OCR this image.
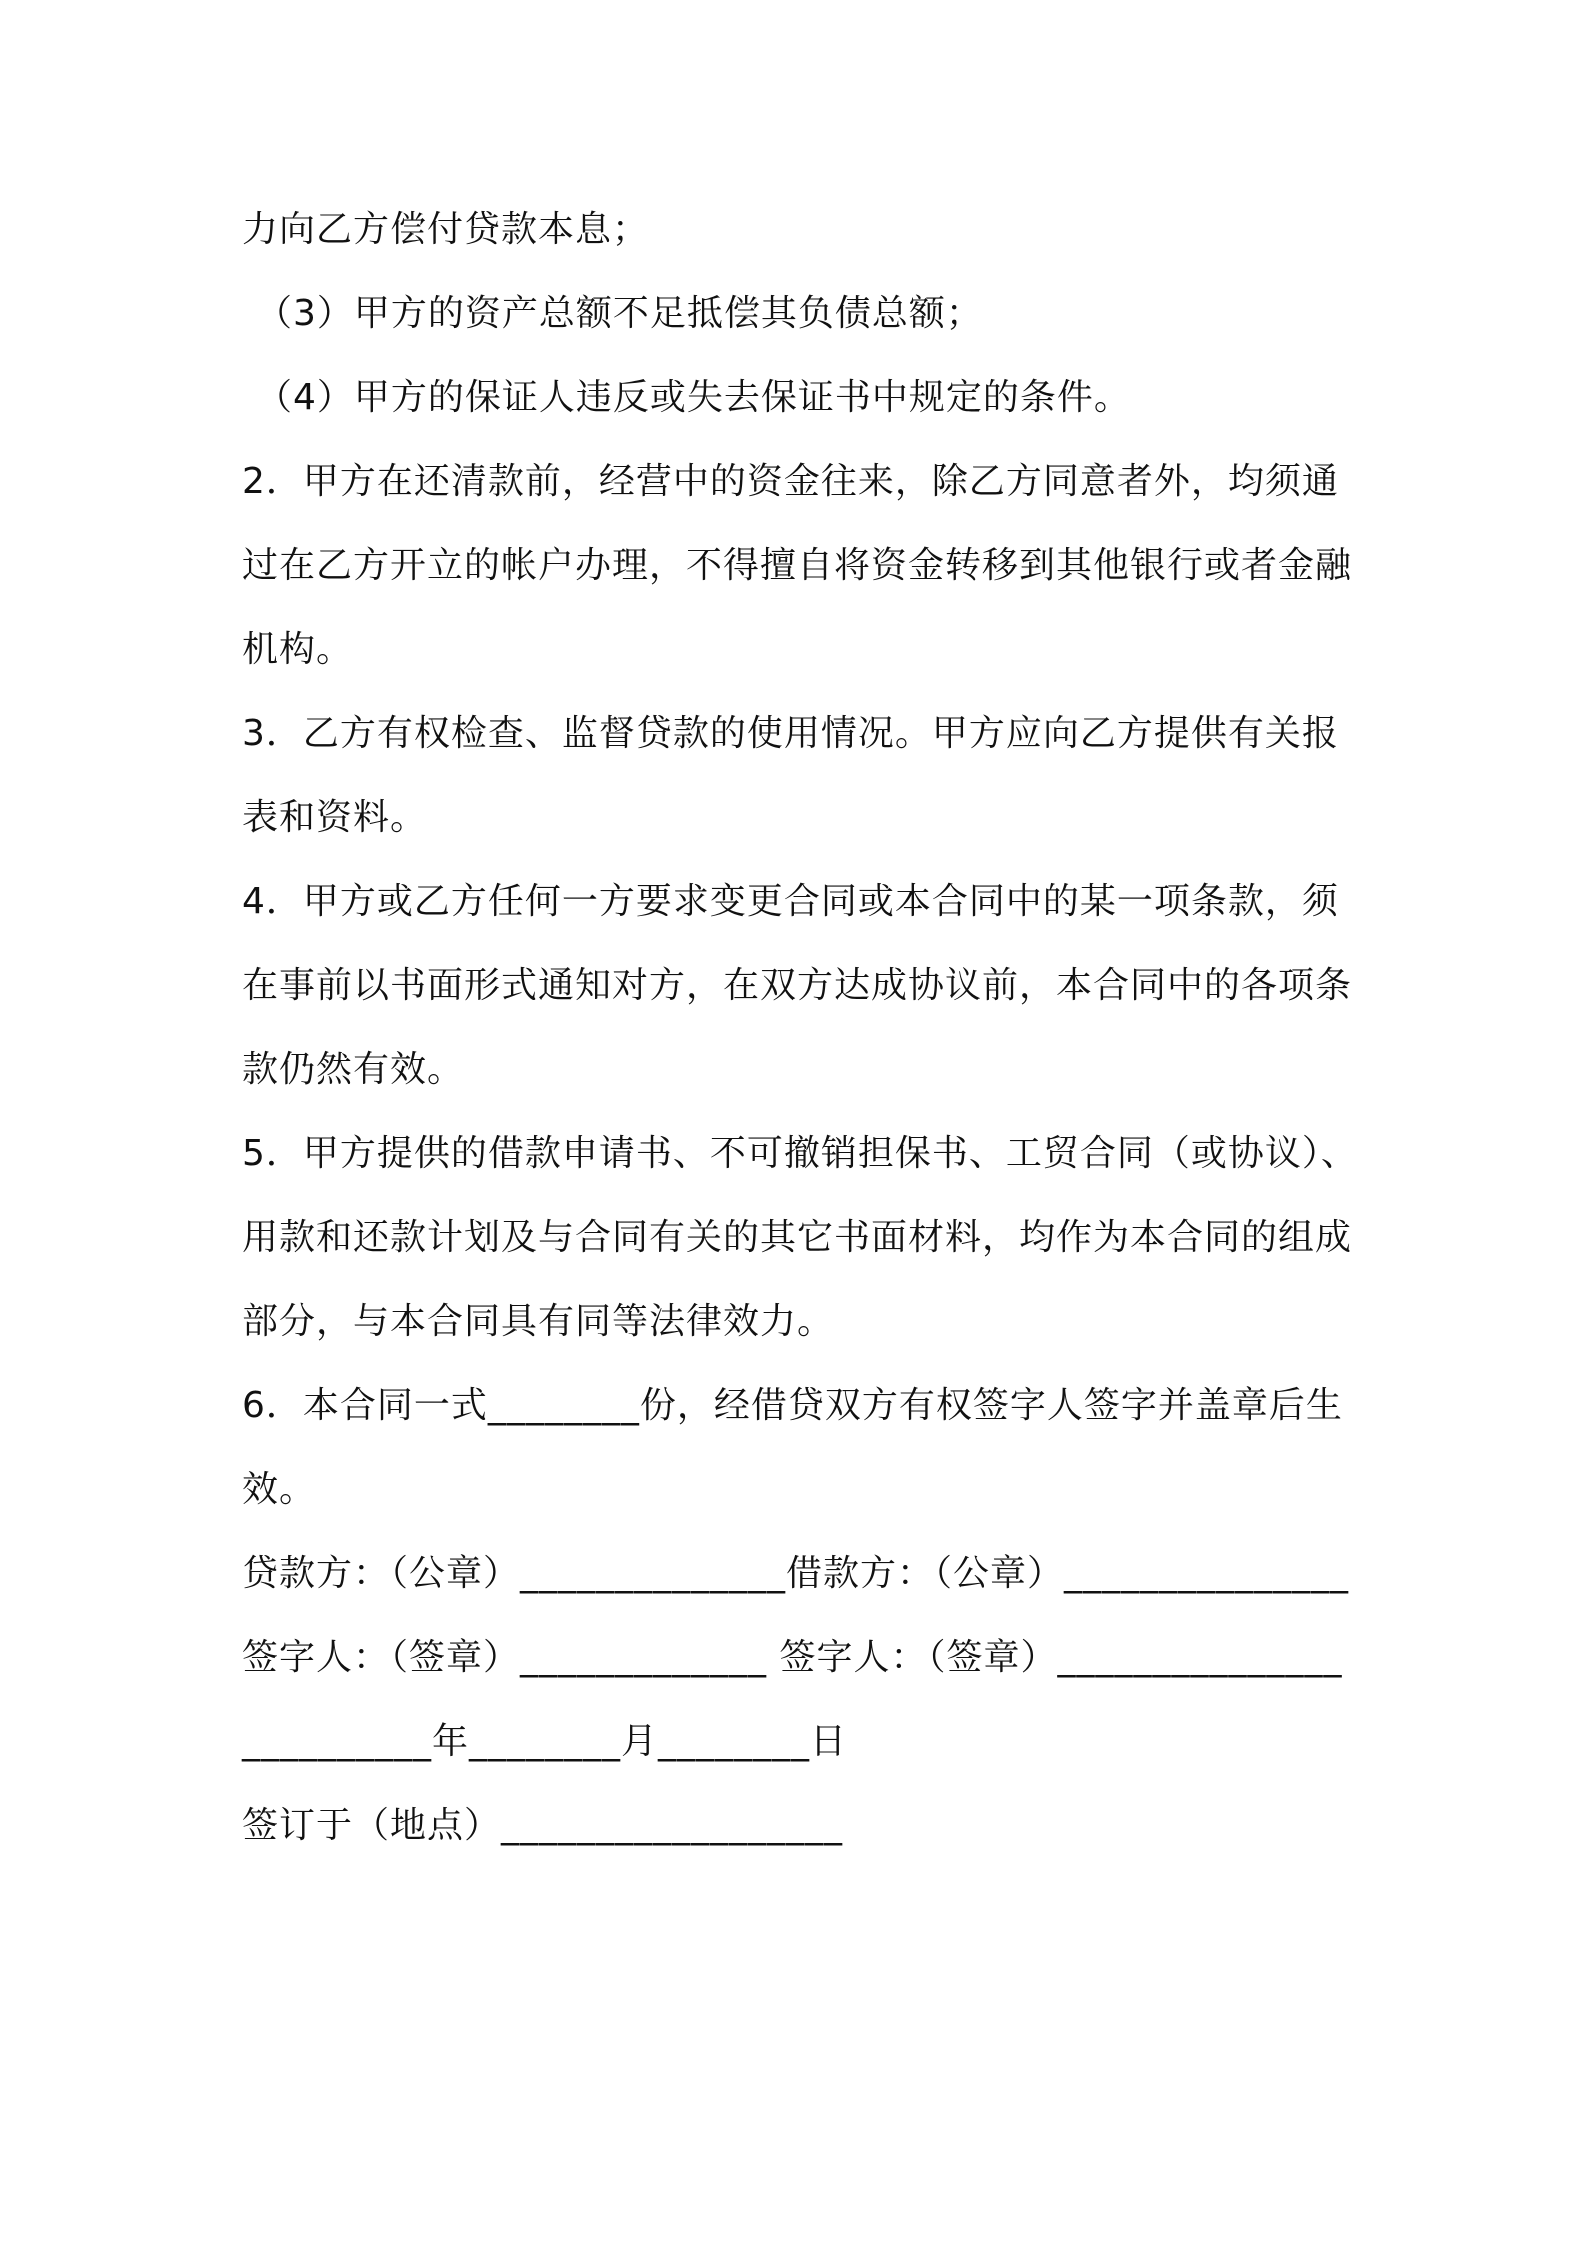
力向乙方偿付贷款本息；
（3）甲方的资产总额不足抵偿其负债总额；
（4）甲方的保证人违反或失去保证书中规定的条件。
2．甲方在还清款前，经营中的资金往来，除乙方同意者外，均须通
过在乙方开立的帐户办理，不得擅自将资金转移到其他银行或者金融
机构。
3．乙方有权检查、监督贷款的使用情况。甲方应向乙方提供有关报
表和资料。
4．甲方或乙方任何一方要求变更合同或本合同中的某一项条款，须
在事前以书面形式通知对方，在双方达成协议前，本合同中的各项条
款仍然有效。
5．甲方提供的借款申请书、不可撤销担保书、工贸合同（或协议）、
用款和还款计划及与合同有关的其它书面材料，均作为本合同的组成
部分，与本合同具有同等法律效力。
6．本合同一式________份，经借贷双方有权签字人签字并盖章后生
效。
贷款方：（公章）______________借款方：（公章）_______________
签字人：（签章）_____________ 签字人：（签章）_______________
__________年________月________日
签订于（地点）__________________
